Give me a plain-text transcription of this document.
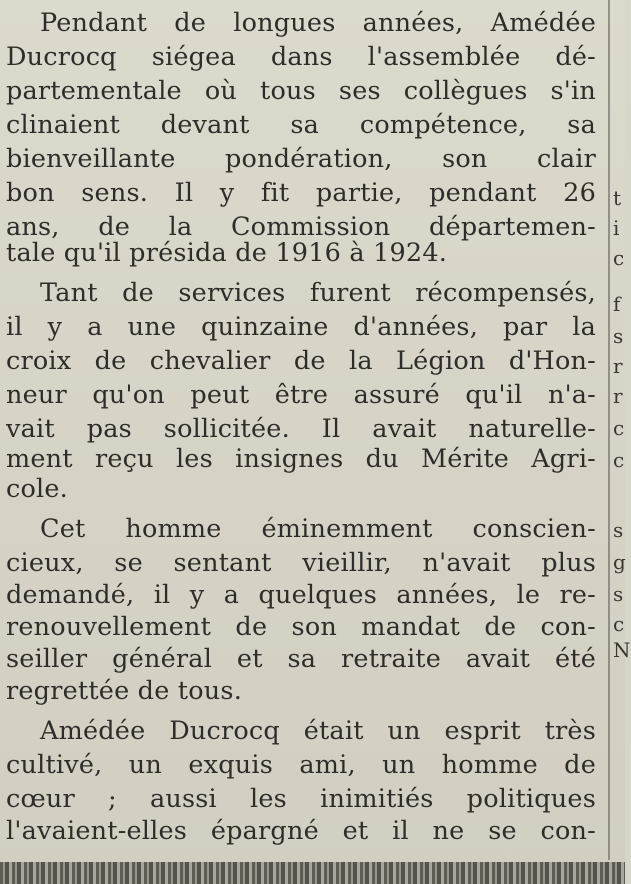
Pendant de longues années, Amédée
Ducrocq siégea dans l'assemblée dé-
partementale où tous ses collègues s'in
clinaient devant sa compétence, sa
bienveillante pondération, son clair
bon sens. Il y fit partie, pendant 26
ans, de la Commission départemen-
tale qu'il présida de 1916 à 1924.
Tant de services furent récompensés,
il y a une quinzaine d'années, par la
croix de chevalier de la Légion d'Hon-
neur qu'on peut être assuré qu'il n'a-
vait pas sollicitée. Il avait naturelle-
ment reçu les insignes du Mérite Agri-
cole.
Cet homme éminemment conscien-
cieux, se sentant vieillir, n'avait plus
demandé, il y a quelques années, le re-
renouvellement de son mandat de con-
seiller général et sa retraite avait été
regrettée de tous.
Amédée Ducrocq était un esprit très
cultivé, un exquis ami, un homme de
cœur ; aussi les inimitiés politiques
l'avaient-elles épargné et il ne se con-
t
i
c
f
s
r
r
c
c
s
g
s
c
N
